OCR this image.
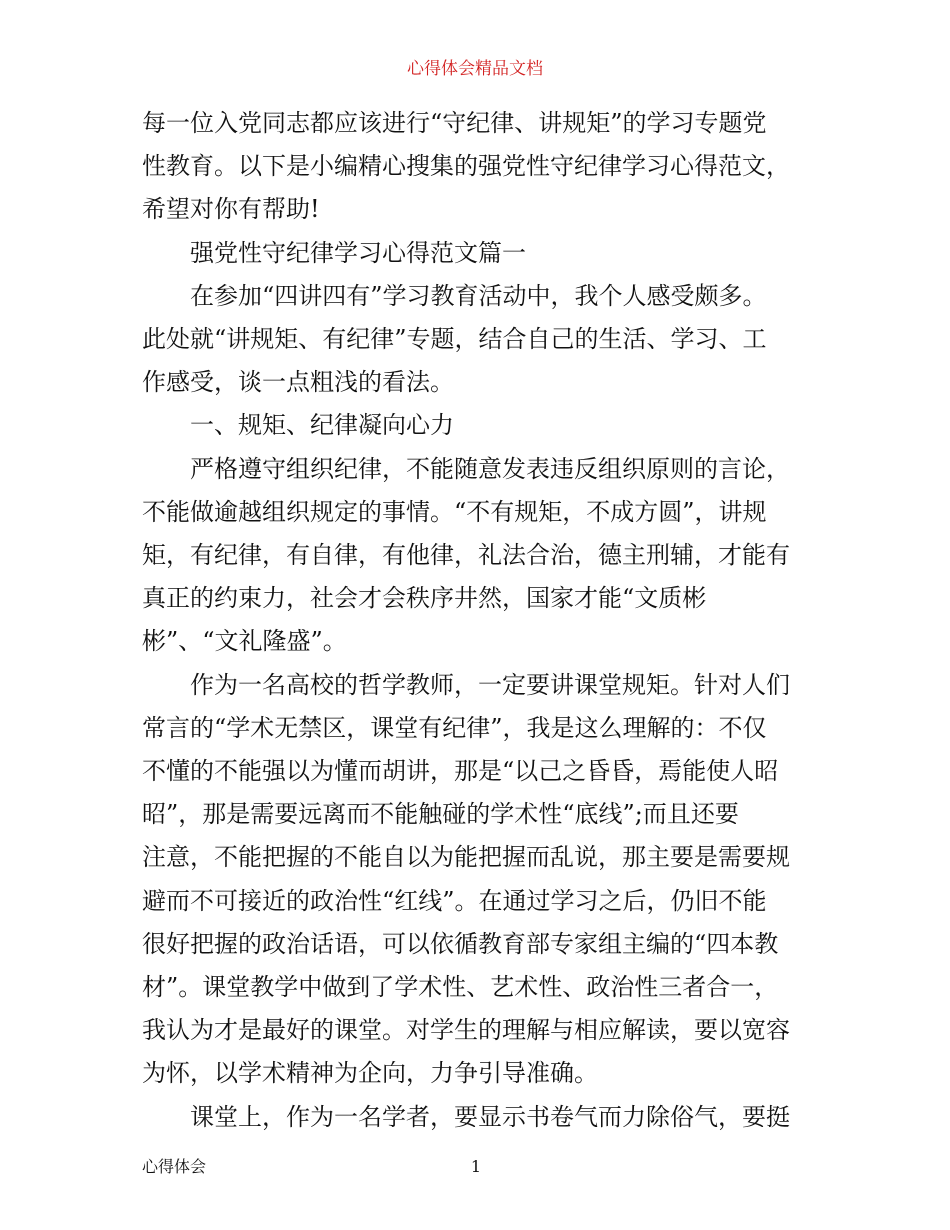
心得体会精品文档

每一位入党同志都应该进行“守纪律、讲规矩”的学习专题党

性教育。以下是小编精心搜集的强党性守纪律学习心得范文，

希望对你有帮助!

强党性守纪律学习心得范文篇一

在参加“四讲四有”学习教育活动中，我个人感受颇多。

此处就“讲规矩、有纪律”专题，结合自己的生活、学习、工

作感受，谈一点粗浅的看法。

一、规矩、纪律凝向心力

严格遵守组织纪律，不能随意发表违反组织原则的言论，

不能做逾越组织规定的事情。“不有规矩，不成方圆”，讲规

矩，有纪律，有自律，有他律，礼法合治，德主刑辅，才能有

真正的约束力，社会才会秩序井然，国家才能“文质彬

彬”、“文礼隆盛”。

作为一名高校的哲学教师，一定要讲课堂规矩。针对人们

常言的“学术无禁区，课堂有纪律”，我是这么理解的：不仅

不懂的不能强以为懂而胡讲，那是“以己之昏昏，焉能使人昭

昭”，那是需要远离而不能触碰的学术性“底线”;而且还要

注意，不能把握的不能自以为能把握而乱说，那主要是需要规

避而不可接近的政治性“红线”。在通过学习之后，仍旧不能

很好把握的政治话语，可以依循教育部专家组主编的“四本教

材”。课堂教学中做到了学术性、艺术性、政治性三者合一，

我认为才是最好的课堂。对学生的理解与相应解读，要以宽容

为怀，以学术精神为企向，力争引导准确。

课堂上，作为一名学者，要显示书卷气而力除俗气，要挺

心得体会	1
